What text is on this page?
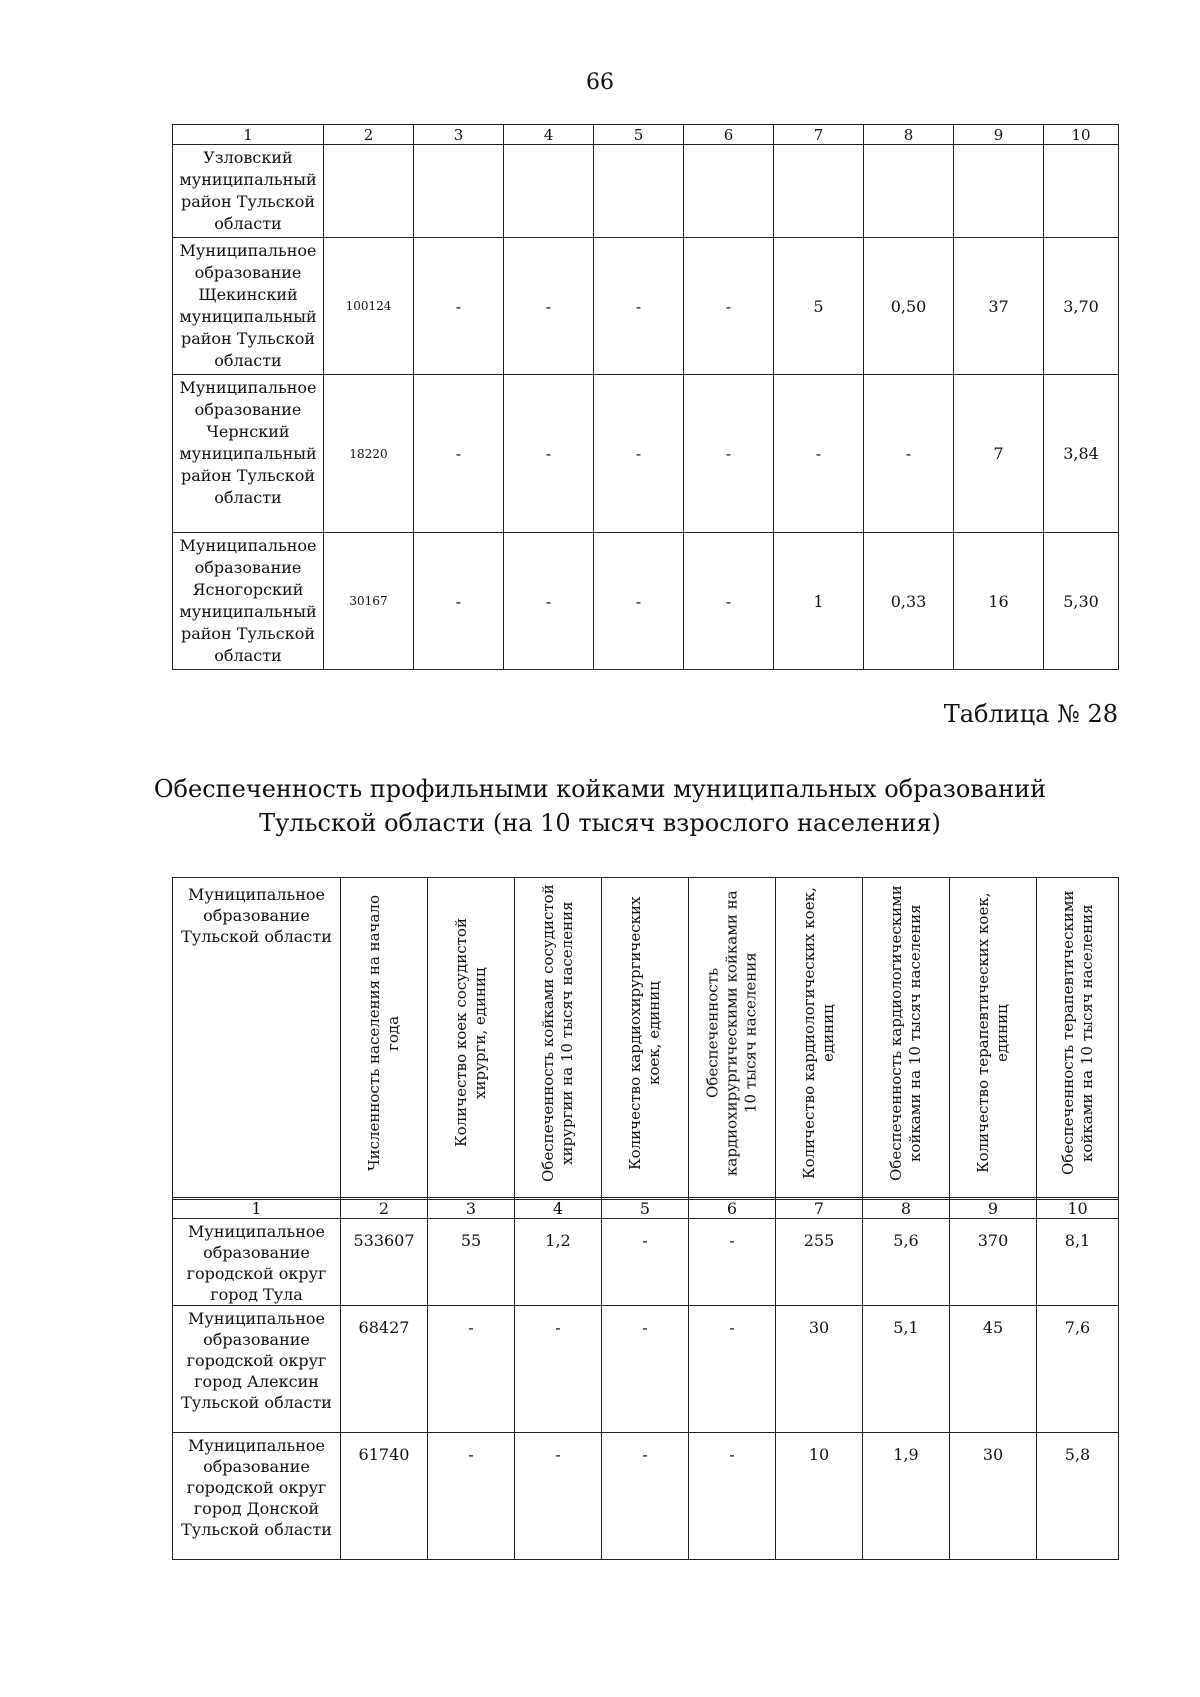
66
1	2	3	4	5	6	7	8	9	10
Узловский муниципальный район Тульской области									
Муниципальное образование Щекинский муниципальный район Тульской области	100124	-	-	-	-	5	0,50	37	3,70
Муниципальное образование Чернский муниципальный район Тульской области	18220	-	-	-	-	-	-	7	3,84
Муниципальное образование Ясногорский муниципальный район Тульской области	30167	-	-	-	-	1	0,33	16	5,30
Таблица № 28
Обеспеченность профильными койками муниципальных образований
Тульской области (на 10 тысяч взрослого населения)
Муниципальное образование Тульской области	Численность населения на начало года	Количество коек сосудистой хирурги, единиц	Обеспеченность койками сосудистой хирургии на 10 тысяч населения	Количество кардиохирургических коек, единиц	Обеспеченность кардиохирургическими койками на 10 тысяч населения	Количество кардиологических коек, единиц	Обеспеченность кардиологическими койками на 10 тысяч населения	Количество терапевтических коек, единиц	Обеспеченность терапевтическими койками на 10 тысяч населения
1	2	3	4	5	6	7	8	9	10
Муниципальное образование городской округ город Тула	533607	55	1,2	-	-	255	5,6	370	8,1
Муниципальное образование городской округ город Алексин Тульской области	68427	-	-	-	-	30	5,1	45	7,6
Муниципальное образование городской округ город Донской Тульской области	61740	-	-	-	-	10	1,9	30	5,8
